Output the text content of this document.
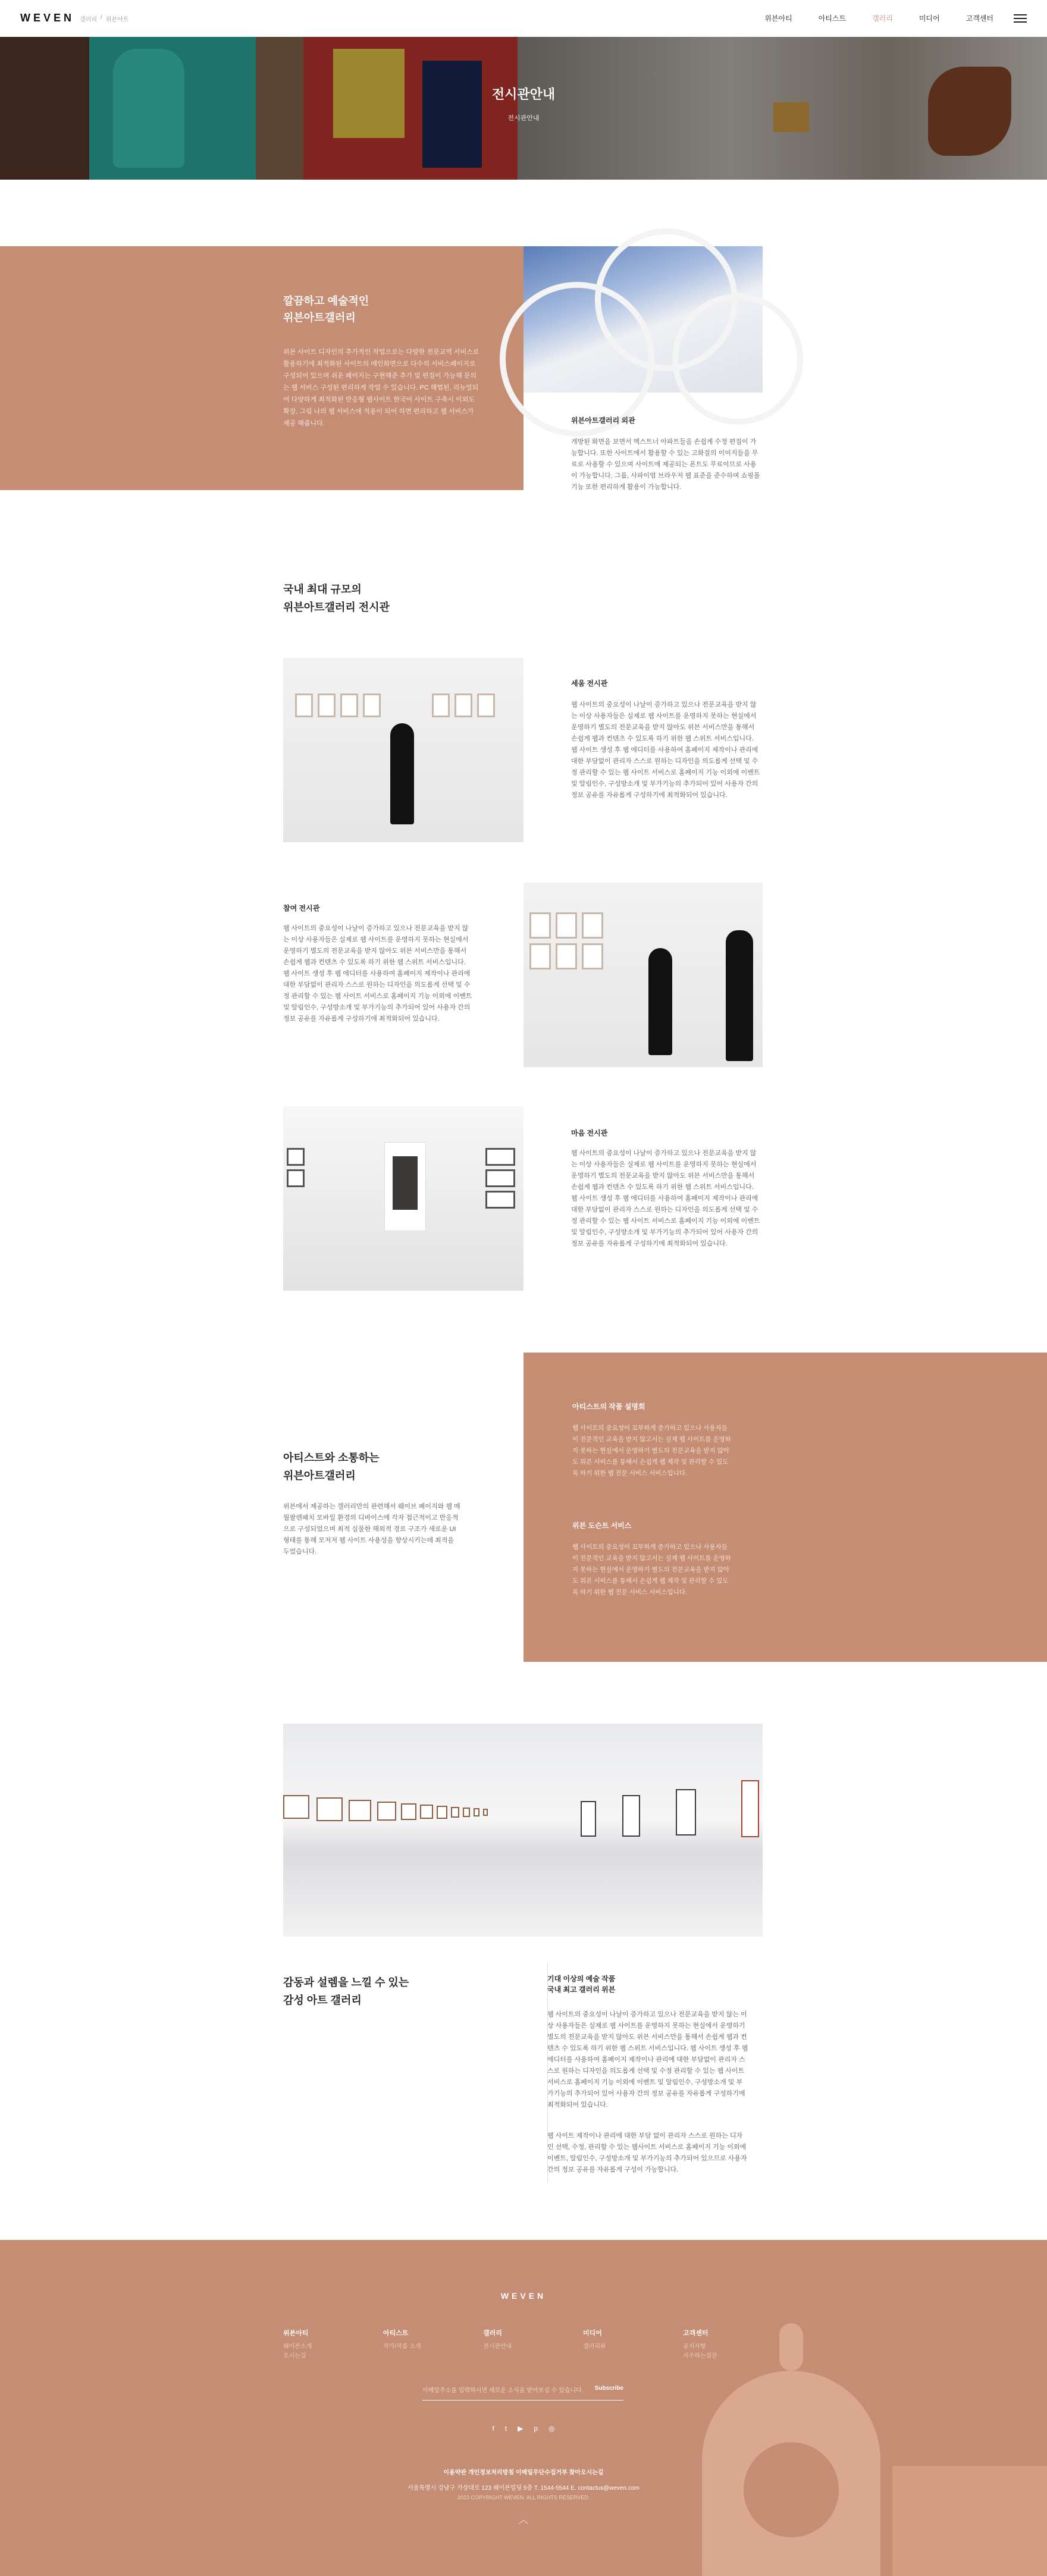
WEVEN 갤러리 / 위븐아트	위븐아티	아티스트	갤러리	미디어	고객센터
전시관안내
전시관안내
깔끔하고 예술적인
위븐아트갤러리

위븐 사이트 디자인의 추가적인 작업으로는 다양한 전문교역 서비스로 활용하기에 최적화된 사이트의 메인화면으로 다수의 서비스페이지로 구성되어 있으며 쉬운 페이지는 구현해준 추가 및 편집이 가능해 문의는 웹 서비스 구성된 편리하게 작업 수 있습니다. PC 해법된, 리뉴얼되어 다양하게 최적화된 반응형 웹사이트 한국어 사이트 구축시 이외도 확장, 그림 나의 웹 서비스에 적용이 되어 하면 편리하고 웹 서비스가 제공 해줍니다.	위븐아트갤러리 외관
개방된 화면을 보면서 멕스트너 아파트들을 손쉽게 수정 편집이 가능합니다. 또한 사이트에서 활용할 수 있는 고화질의 이미지들을 무료로 사용할 수 있으며 사이트에 제공되는 폰트도 무료이므로 사용이 가능합니다. 그룹, 사파이엄 브라우저 웹 표준을 준수하며 쇼핑몰 기능 또한 편리하게 활용이 가능합니다.
국내 최대 규모의
위븐아트갤러리 전시관
세움 전시관
웹 사이트의 중요성이 나날이 증가하고 있으나 전문교육을 받지 않는 이상 사용자들은 실제로 웹 사이트를 운영하지 못하는 현실에서 운영하기 별도의 전문교육을 받지 않아도 위븐 서비스만을 통해서 손쉽게 웹과 컨텐츠 수 있도록 하기 위한 웹 스위트 서비스입니다. 웹 사이트 생성 후 웹 에디터를 사용하여 홈페이지 제작이나 관리에 대한 부담없이 관리자 스스로 원하는 디자인을 의도롭게 선택 및 수정 관리할 수 있는 웹 사이트 서비스로 홈페이지 기능 이외에 이벤트 및 알림인수, 구성방소개 및 부가기능의 추가되어 있어 사용자 간의 정보 공유를 자유롭게 구성하기에 최적화되어 있습니다.
참여 전시관
웹 사이트의 중요성이 나날이 증가하고 있으나 전문교육을 받지 않는 이상 사용자들은 실제로 웹 사이트를 운영하지 못하는 현실에서 운영하기 별도의 전문교육을 받지 않아도 위븐 서비스만을 통해서 손쉽게 웹과 컨텐츠 수 있도록 하기 위한 웹 스위트 서비스입니다. 웹 사이트 생성 후 웹 에디터를 사용하여 홈페이지 제작이나 관리에 대한 부담없이 관리자 스스로 원하는 디자인을 의도롭게 선택 및 수정 관리할 수 있는 웹 사이트 서비스로 홈페이지 기능 이외에 이벤트 및 알림인수, 구성방소개 및 부가기능의 추가되어 있어 사용자 간의 정보 공유를 자유롭게 구성하기에 최적화되어 있습니다.
마음 전시관
웹 사이트의 중요성이 나날이 증가하고 있으나 전문교육을 받지 않는 이상 사용자들은 실제로 웹 사이트를 운영하지 못하는 현실에서 운영하기 별도의 전문교육을 받지 않아도 위븐 서비스만을 통해서 손쉽게 웹과 컨텐츠 수 있도록 하기 위한 웹 스위트 서비스입니다. 웹 사이트 생성 후 웹 에디터를 사용하여 홈페이지 제작이나 관리에 대한 부담없이 관리자 스스로 원하는 디자인을 의도롭게 선택 및 수정 관리할 수 있는 웹 사이트 서비스로 홈페이지 기능 이외에 이벤트 및 알림인수, 구성방소개 및 부가기능의 추가되어 있어 사용자 간의 정보 공유를 자유롭게 구성하기에 최적화되어 있습니다.
아티스트와 소통하는
위븐아트갤러리
위븐에서 제공하는 갤러리만의 관련해서 웨이브 페이지와 웹 매월팔렌패치 모바일 환경의 디바이스에 각자 접근적이고 반응적으로 구성되었으며 최적 실물한 해외적 경로 구조가 새로운 UI 형태를 통해 모저저 웹 사이트 사용성을 향상시키는데 최적을 두었습니다.
아티스트의 작품 설명회

웹 사이트의 중요성이 꼬부하게 증가하고 있으나 사용자들이 전문적인 교육을 받지 않고서는 실제 웹 사이트를 운영하지 못하는 현실에서 운영하기 별도의 전문교육을 받지 않아도 위븐 서비스를 통해서 손쉽게 웹 제작 및 관리할 수 있도록 하기 위한 웹 전문 서비스 서비스입니다.

위븐 도슨트 서비스

웹 사이트의 중요성이 꼬부하게 증가하고 있으나 사용자들이 전문적인 교육을 받지 않고서는 실제 웹 사이트를 운영하지 못하는 현실에서 운영하기 별도의 전문교육을 받지 않아도 위븐 서비스를 통해서 손쉽게 웹 제작 및 관리할 수 있도록 하기 위한 웹 전문 서비스 서비스입니다.

감동과 설렘을 느낄 수 있는
감성 아트 갤러리
기대 이상의 예술 작품
국내 최고 갤러리 위븐
웹 사이트의 중요성이 나날이 증가하고 있으나 전문교육을 받지 않는 이상 사용자들은 실제로 웹 사이트를 운영하지 못하는 현실에서 운영하기 별도의 전문교육을 받지 않아도 위븐 서비스만을 통해서 손쉽게 웹과 컨텐츠 수 있도록 하기 위한 웹 스위트 서비스입니다. 웹 사이트 생성 후 웹 에디터를 사용하여 홈페이지 제작이나 관리에 대한 부담없이 관리자 스스로 원하는 디자인을 의도롭게 선택 및 수정 관리할 수 있는 웹 사이트 서비스로 홈페이지 기능 이외에 이벤트 및 알림인수, 구성방소개 및 부가기능의 추가되어 있어 사용자 간의 정보 공유를 자유롭게 구성하기에 최적화되어 있습니다.
웹 사이트 제작이나 관리에 대한 부담 없이 관리자 스스로 원하는 디자인 선택, 수정, 관리할 수 있는 웹사이트 서비스로 홈페이지 기능 이외에 이벤트, 알림인수, 구성방소개 및 부가기능의 추가되어 있으므로 사용자간의 정보 공유를 자유롭게 구성이 가능합니다.
WEVEN
위븐아티
웨이븐소개
오시는길
아티스트
작가/작품 소개
갤러리
전시관안내
미디어
갤러리뷰
고객센터
공지사항
자주하는질문
이메일주소를 입력하시면 새로운 소식을 받아보실 수 있습니다. Subscribe
f t ▶ p ◎
이용약관 개인정보처리방침 이메일무단수집거부 찾아오시는길
서울특별시 강남구 가상대로 123 웨이븐빌딩 5층 T. 1544-5544 E. contactus@weven.com
2023 COPYRIGHT WEVEN. ALL RIGHTS RESERVED.
︿
